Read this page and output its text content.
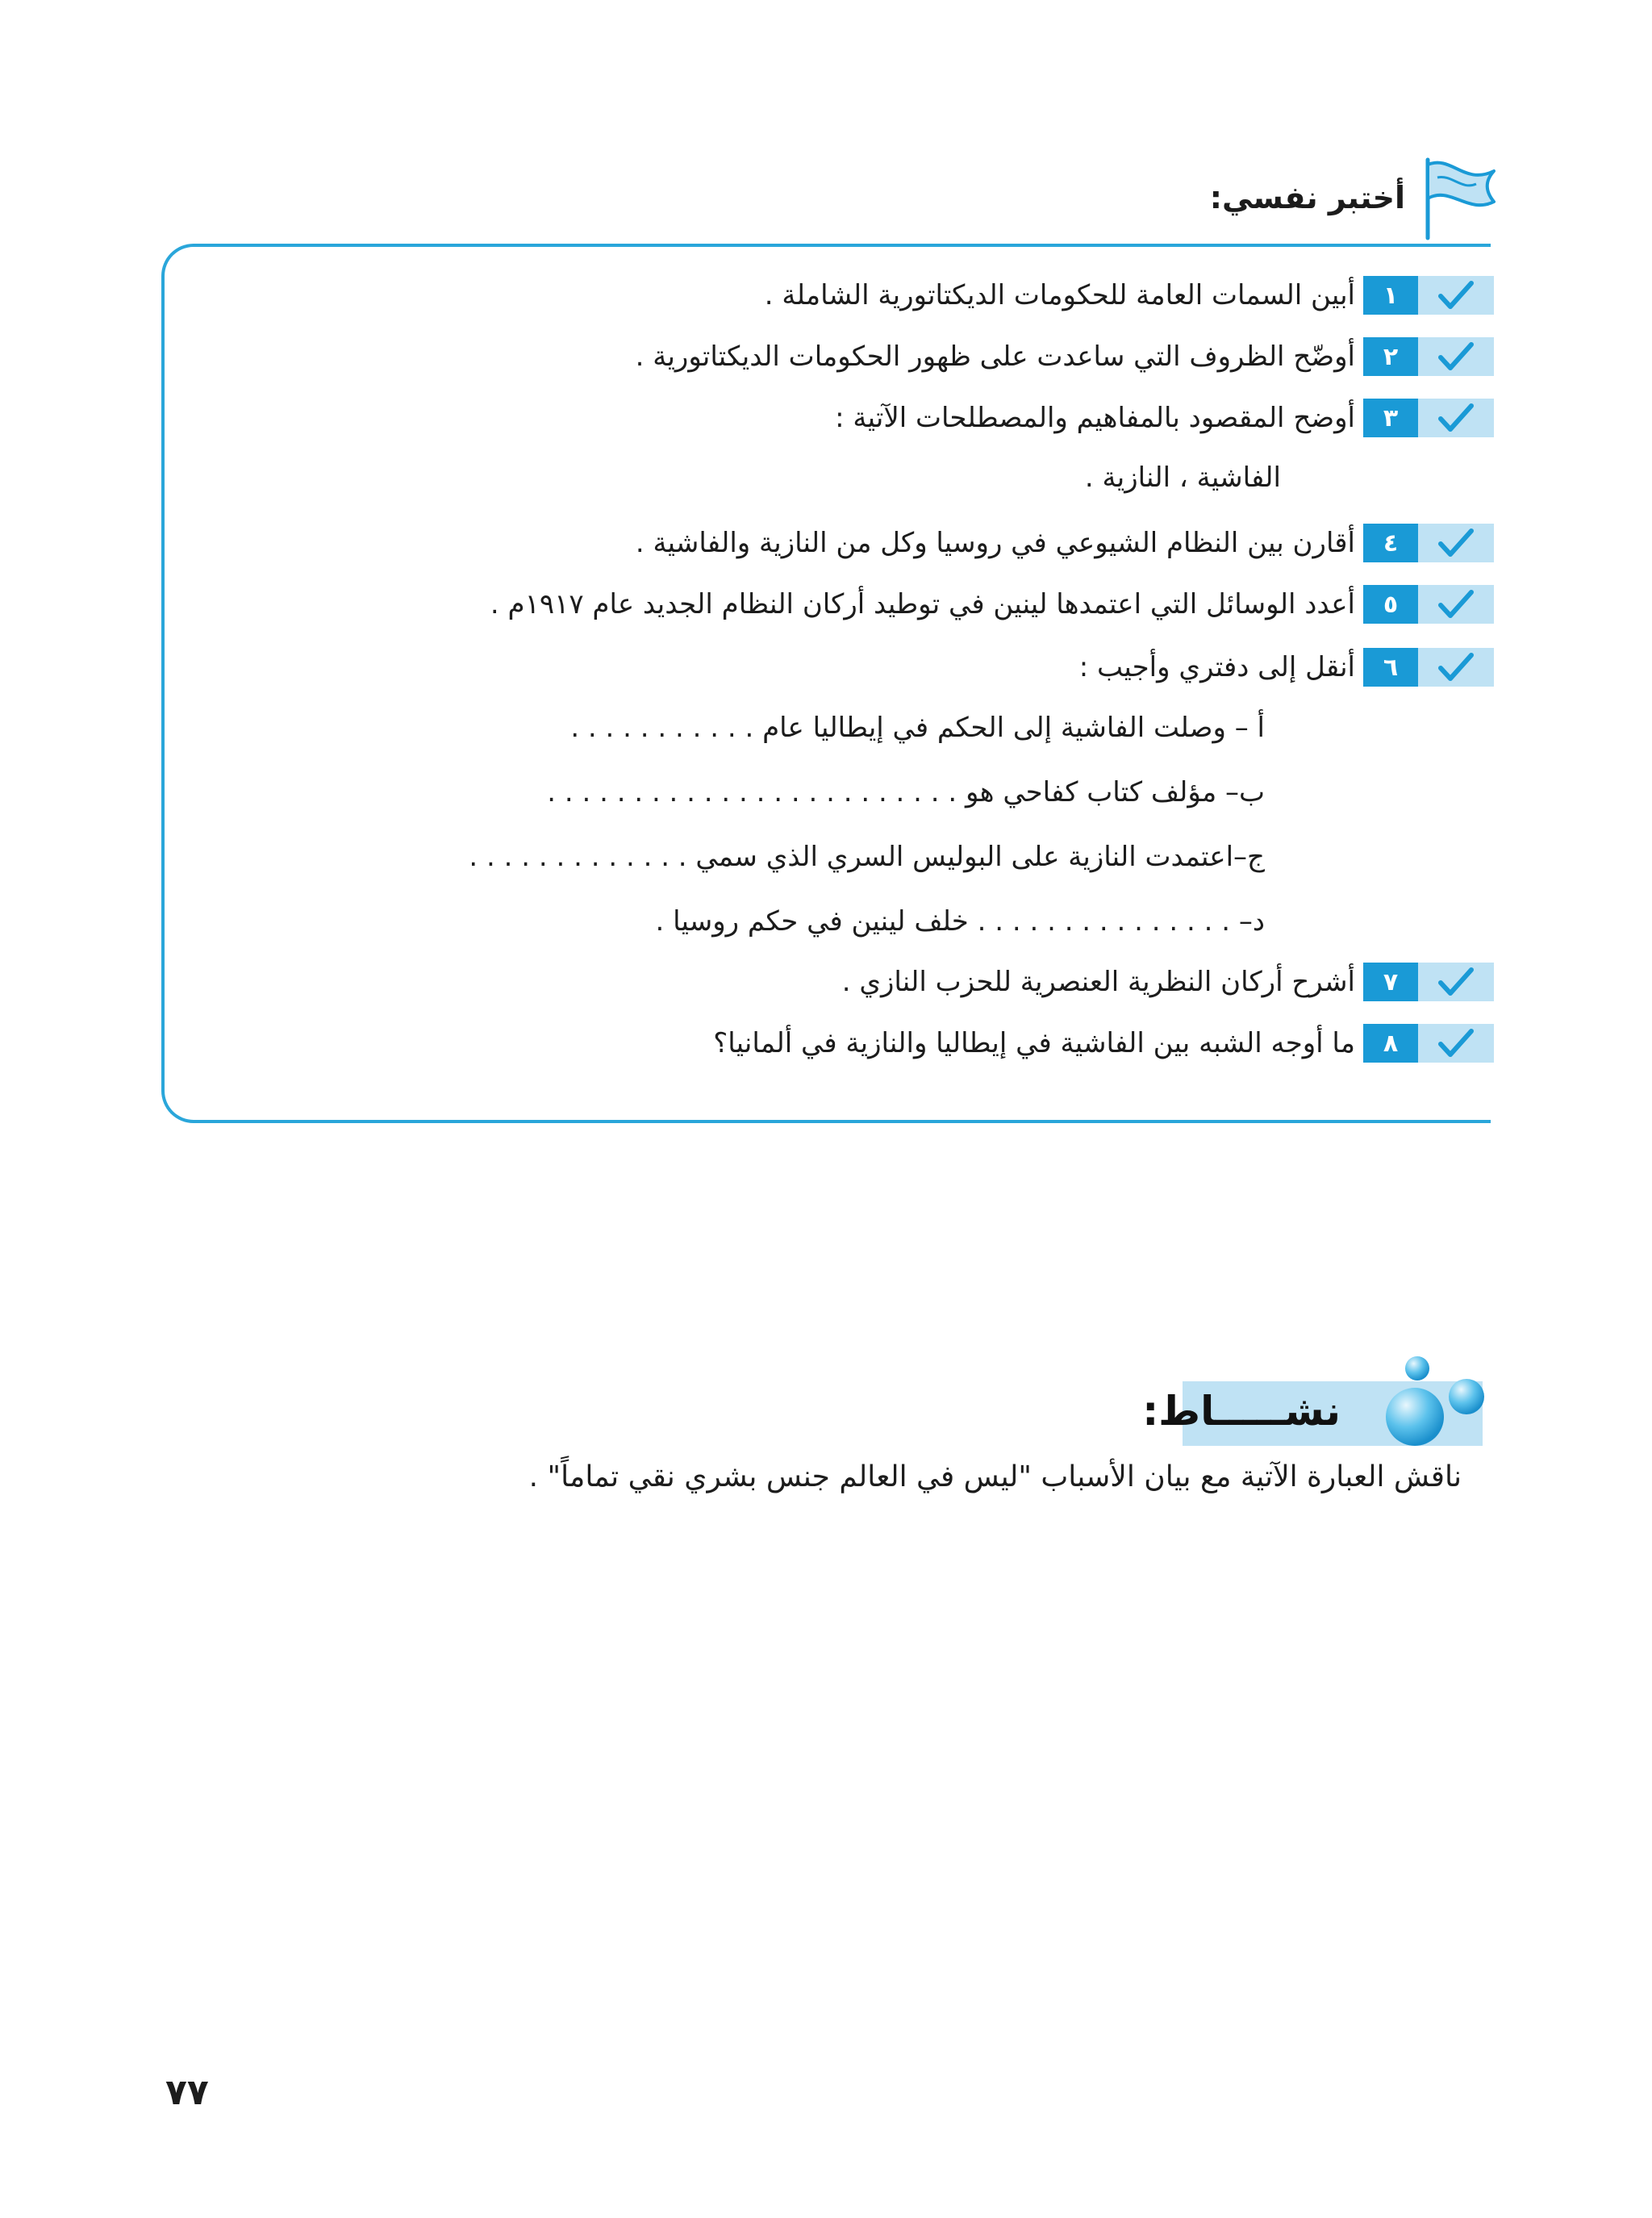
أختبر نفسي:
١
أبين السمات العامة للحكومات الديكتاتورية الشاملة .
٢
أوضّح الظروف التي ساعدت على ظهور الحكومات الديكتاتورية .
٣
أوضح المقصود بالمفاهيم والمصطلحات الآتية :
الفاشية ، النازية .
٤
أقارن بين النظام الشيوعي في روسيا وكل من النازية والفاشية .
٥
أعدد الوسائل التي اعتمدها لينين في توطيد أركان النظام الجديد عام ١٩١٧م .
٦
أنقل إلى دفتري وأجيب :
أ – وصلت الفاشية إلى الحكم في إيطاليا عام . . . . . . . . . . .
ب– مؤلف كتاب كفاحي هو . . . . . . . . . . . . . . . . . . . . . . . .
ج–اعتمدت النازية على البوليس السري الذي سمي . . . . . . . . . . . . .
د– . . . . . . . . . . . . . . . خلف لينين في حكم روسيا .
٧
أشرح أركان النظرية العنصرية للحزب النازي .
٨
ما أوجه الشبه بين الفاشية في إيطاليا والنازية في ألمانيا؟
نشـــــاط:
ناقش العبارة الآتية مع بيان الأسباب "ليس في العالم جنس بشري نقي تماماً" .
٧٧
